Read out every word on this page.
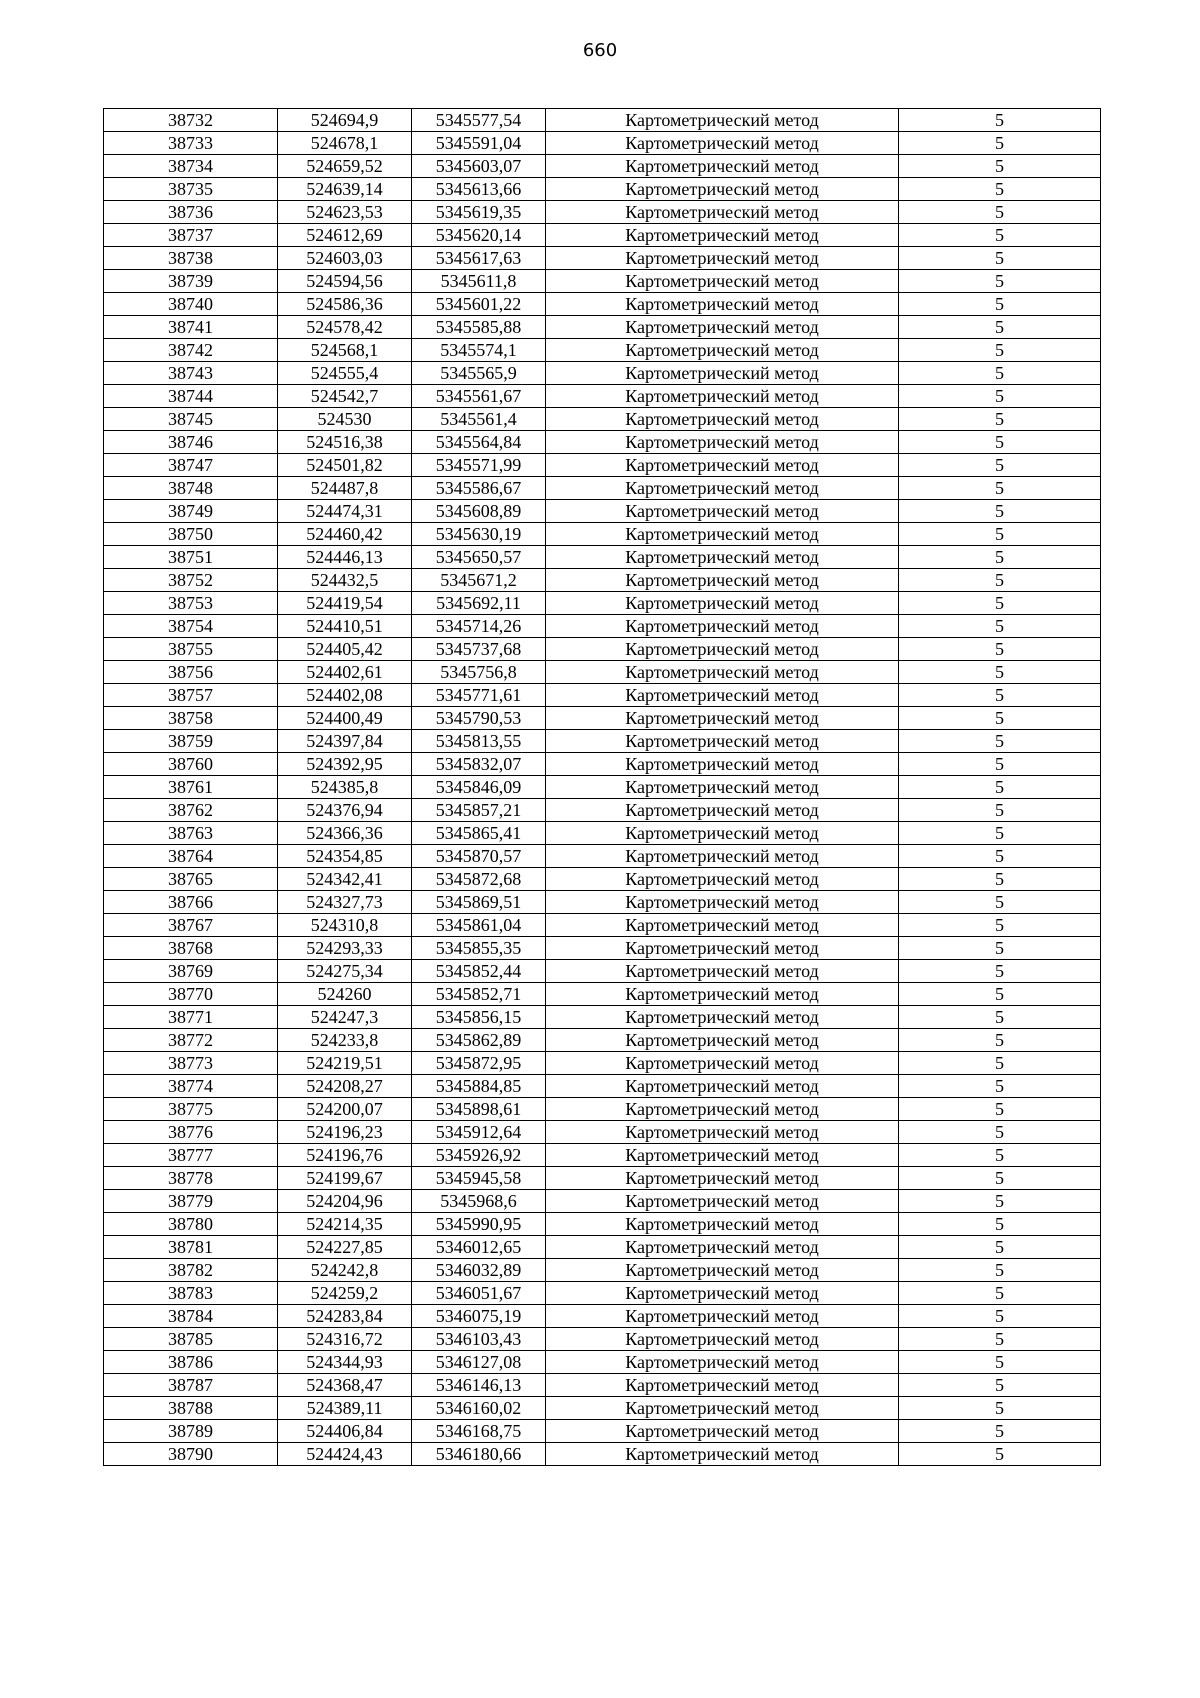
660
38732	524694,9	5345577,54	Картометрический метод	5
38733	524678,1	5345591,04	Картометрический метод	5
38734	524659,52	5345603,07	Картометрический метод	5
38735	524639,14	5345613,66	Картометрический метод	5
38736	524623,53	5345619,35	Картометрический метод	5
38737	524612,69	5345620,14	Картометрический метод	5
38738	524603,03	5345617,63	Картометрический метод	5
38739	524594,56	5345611,8	Картометрический метод	5
38740	524586,36	5345601,22	Картометрический метод	5
38741	524578,42	5345585,88	Картометрический метод	5
38742	524568,1	5345574,1	Картометрический метод	5
38743	524555,4	5345565,9	Картометрический метод	5
38744	524542,7	5345561,67	Картометрический метод	5
38745	524530	5345561,4	Картометрический метод	5
38746	524516,38	5345564,84	Картометрический метод	5
38747	524501,82	5345571,99	Картометрический метод	5
38748	524487,8	5345586,67	Картометрический метод	5
38749	524474,31	5345608,89	Картометрический метод	5
38750	524460,42	5345630,19	Картометрический метод	5
38751	524446,13	5345650,57	Картометрический метод	5
38752	524432,5	5345671,2	Картометрический метод	5
38753	524419,54	5345692,11	Картометрический метод	5
38754	524410,51	5345714,26	Картометрический метод	5
38755	524405,42	5345737,68	Картометрический метод	5
38756	524402,61	5345756,8	Картометрический метод	5
38757	524402,08	5345771,61	Картометрический метод	5
38758	524400,49	5345790,53	Картометрический метод	5
38759	524397,84	5345813,55	Картометрический метод	5
38760	524392,95	5345832,07	Картометрический метод	5
38761	524385,8	5345846,09	Картометрический метод	5
38762	524376,94	5345857,21	Картометрический метод	5
38763	524366,36	5345865,41	Картометрический метод	5
38764	524354,85	5345870,57	Картометрический метод	5
38765	524342,41	5345872,68	Картометрический метод	5
38766	524327,73	5345869,51	Картометрический метод	5
38767	524310,8	5345861,04	Картометрический метод	5
38768	524293,33	5345855,35	Картометрический метод	5
38769	524275,34	5345852,44	Картометрический метод	5
38770	524260	5345852,71	Картометрический метод	5
38771	524247,3	5345856,15	Картометрический метод	5
38772	524233,8	5345862,89	Картометрический метод	5
38773	524219,51	5345872,95	Картометрический метод	5
38774	524208,27	5345884,85	Картометрический метод	5
38775	524200,07	5345898,61	Картометрический метод	5
38776	524196,23	5345912,64	Картометрический метод	5
38777	524196,76	5345926,92	Картометрический метод	5
38778	524199,67	5345945,58	Картометрический метод	5
38779	524204,96	5345968,6	Картометрический метод	5
38780	524214,35	5345990,95	Картометрический метод	5
38781	524227,85	5346012,65	Картометрический метод	5
38782	524242,8	5346032,89	Картометрический метод	5
38783	524259,2	5346051,67	Картометрический метод	5
38784	524283,84	5346075,19	Картометрический метод	5
38785	524316,72	5346103,43	Картометрический метод	5
38786	524344,93	5346127,08	Картометрический метод	5
38787	524368,47	5346146,13	Картометрический метод	5
38788	524389,11	5346160,02	Картометрический метод	5
38789	524406,84	5346168,75	Картометрический метод	5
38790	524424,43	5346180,66	Картометрический метод	5
